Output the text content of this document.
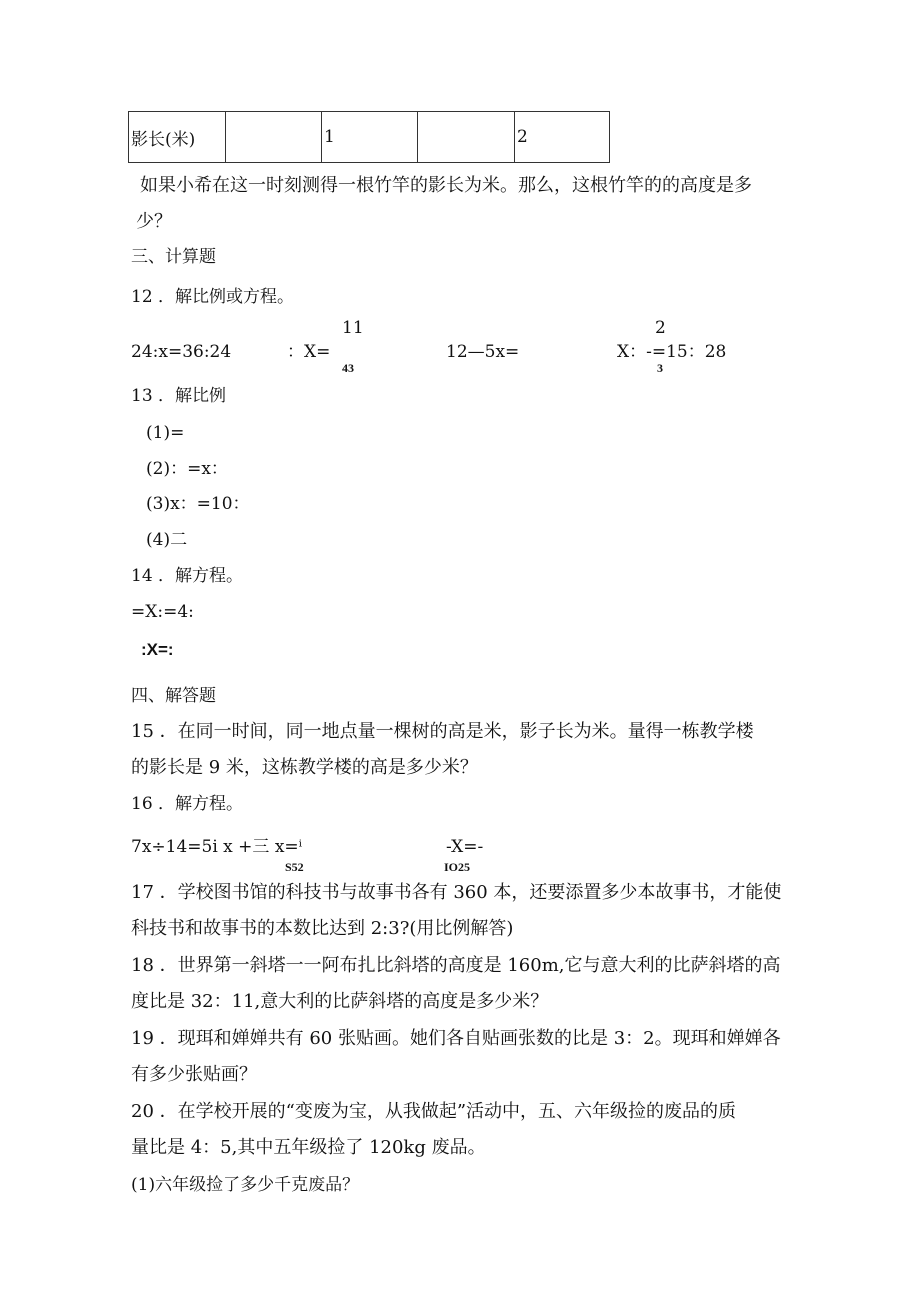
影长(米)		1		2
如果小希在这一时刻测得一根竹竿的影长为米。那么，这根竹竿的的高度是多
少？
三、计算题
12 ．解比例或方程。
24:x=36:24	：X=
11
43
12—5x=	X：-=15：28
2
3
13 ．解比例
(1)=
(2)：=x：
(3)x：=10：
(4)二
14 ．解方程。
=X:=4:
:X=:
四、解答题
15 ．在同一时间，同一地点量一棵树的高是米，影子长为米。量得一栋教学楼
的影长是 9 米，这栋教学楼的高是多少米？
16 ．解方程。
7x÷14=5i x +三 x=ⁱ
S52
-X=-
IO25
17 ．学校图书馆的科技书与故事书各有 360 本，还要添置多少本故事书，才能使
科技书和故事书的本数比达到 2:3?(用比例解答)
18 ．世界第一斜塔一一阿布扎比斜塔的高度是 160m,它与意大利的比萨斜塔的高
度比是 32：11,意大利的比萨斜塔的高度是多少米？
19 ．现珥和婵婵共有 60 张贴画。她们各自贴画张数的比是 3：2。现珥和婵婵各
有多少张贴画？
20 ．在学校开展的“变废为宝，从我做起”活动中，五、六年级捡的废品的质
量比是 4：5,其中五年级捡了 120kg 废品。
(1)六年级捡了多少千克废品？
